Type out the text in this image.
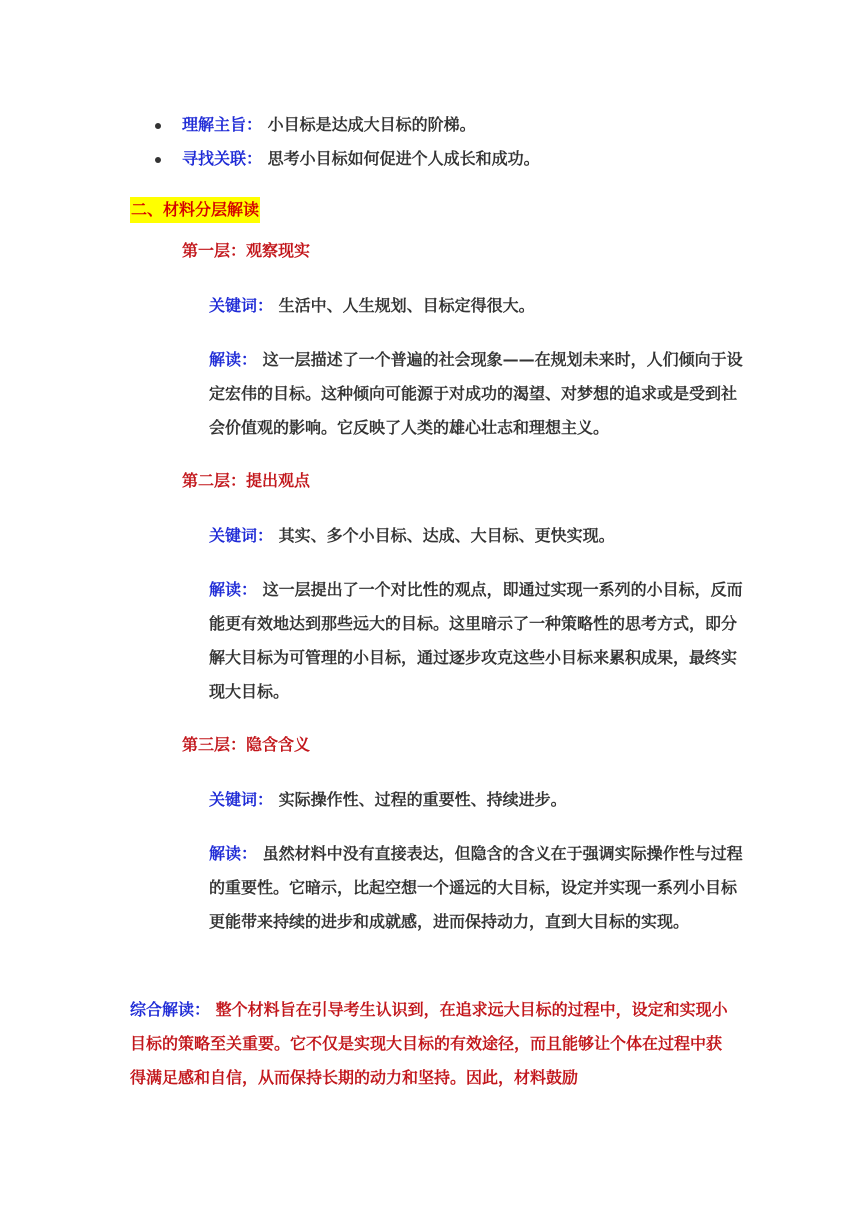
理解主旨： 小目标是达成大目标的阶梯。
寻找关联： 思考小目标如何促进个人成长和成功。
二、材料分层解读
第一层：观察现实
关键词： 生活中、人生规划、目标定得很大。
解读： 这一层描述了一个普遍的社会现象——在规划未来时，人们倾向于设定宏伟的目标。这种倾向可能源于对成功的渴望、对梦想的追求或是受到社会价值观的影响。它反映了人类的雄心壮志和理想主义。
第二层：提出观点
关键词： 其实、多个小目标、达成、大目标、更快实现。
解读： 这一层提出了一个对比性的观点，即通过实现一系列的小目标，反而能更有效地达到那些远大的目标。这里暗示了一种策略性的思考方式，即分解大目标为可管理的小目标，通过逐步攻克这些小目标来累积成果，最终实现大目标。
第三层：隐含含义
关键词： 实际操作性、过程的重要性、持续进步。
解读： 虽然材料中没有直接表达，但隐含的含义在于强调实际操作性与过程的重要性。它暗示，比起空想一个遥远的大目标，设定并实现一系列小目标更能带来持续的进步和成就感，进而保持动力，直到大目标的实现。
综合解读： 整个材料旨在引导考生认识到，在追求远大目标的过程中，设定和实现小目标的策略至关重要。它不仅是实现大目标的有效途径，而且能够让个体在过程中获得满足感和自信，从而保持长期的动力和坚持。因此，材料鼓励
